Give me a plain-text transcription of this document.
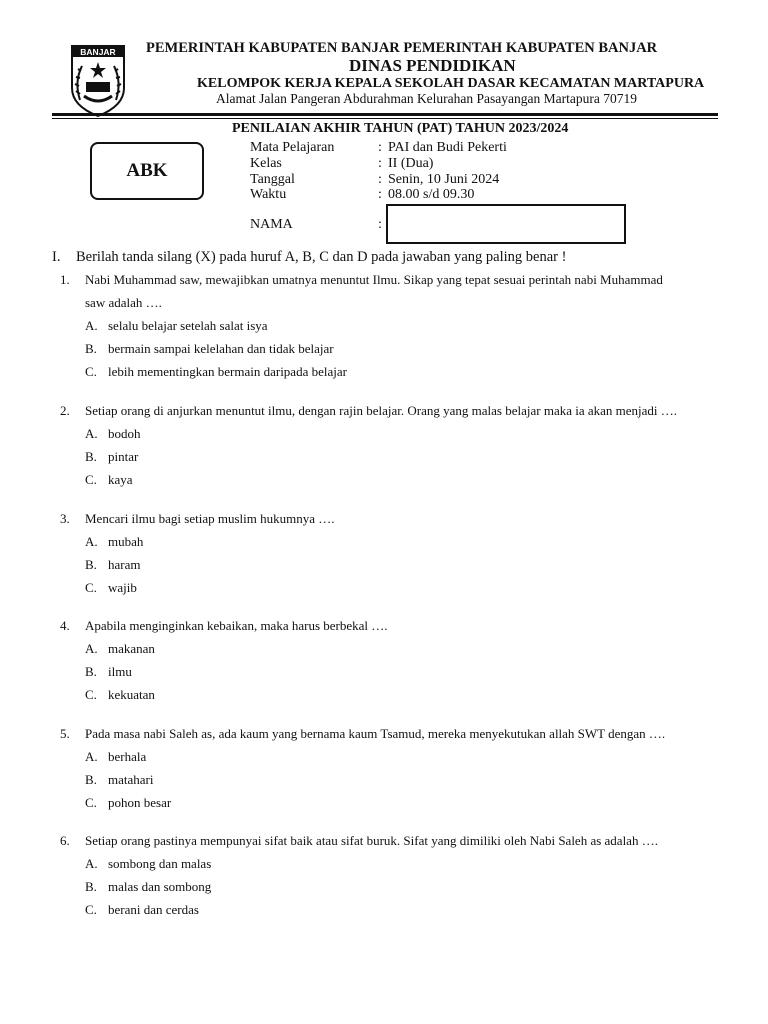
BANJAR PEMERINTAH KABUPATEN BANJAR PEMERINTAH KABUPATEN BANJAR
DINAS PENDIDIKAN
KELOMPOK KERJA KEPALA SEKOLAH DASAR KECAMATAN MARTAPURA
Alamat Jalan Pangeran Abdurahman Kelurahan Pasayangan Martapura 70719
PENILAIAN AKHIR TAHUN (PAT) TAHUN 2023/2024
ABK
Mata Pelajaran	: PAI dan Budi Pekerti
Kelas	: II (Dua)
Tanggal	: Senin, 10 Juni 2024
Waktu	: 08.00 s/d 09.30
NAMA	:
I. Berilah tanda silang (X) pada huruf A, B, C dan D pada jawaban yang paling benar !
1.	Nabi Muhammad saw, mewajibkan umatnya menuntut Ilmu. Sikap yang tepat sesuai perintah nabi Muhammad
saw adalah ….
A. selalu belajar setelah salat isya
B. bermain sampai kelelahan dan tidak belajar
C. lebih mementingkan bermain daripada belajar
2.	Setiap orang di anjurkan menuntut ilmu, dengan rajin belajar. Orang yang malas belajar maka ia akan menjadi ….
A. bodoh
B. pintar
C. kaya
3.	Mencari ilmu bagi setiap muslim hukumnya ….
A. mubah
B. haram
C. wajib
4.	Apabila menginginkan kebaikan, maka harus berbekal ….
A. makanan
B. ilmu
C. kekuatan
5.	Pada masa nabi Saleh as, ada kaum yang bernama kaum Tsamud, mereka menyekutukan allah SWT dengan ….
A. berhala
B. matahari
C. pohon besar
6.	Setiap orang pastinya mempunyai sifat baik atau sifat buruk. Sifat yang dimiliki oleh Nabi Saleh as adalah ….
A. sombong dan malas
B. malas dan sombong
C. berani dan cerdas
